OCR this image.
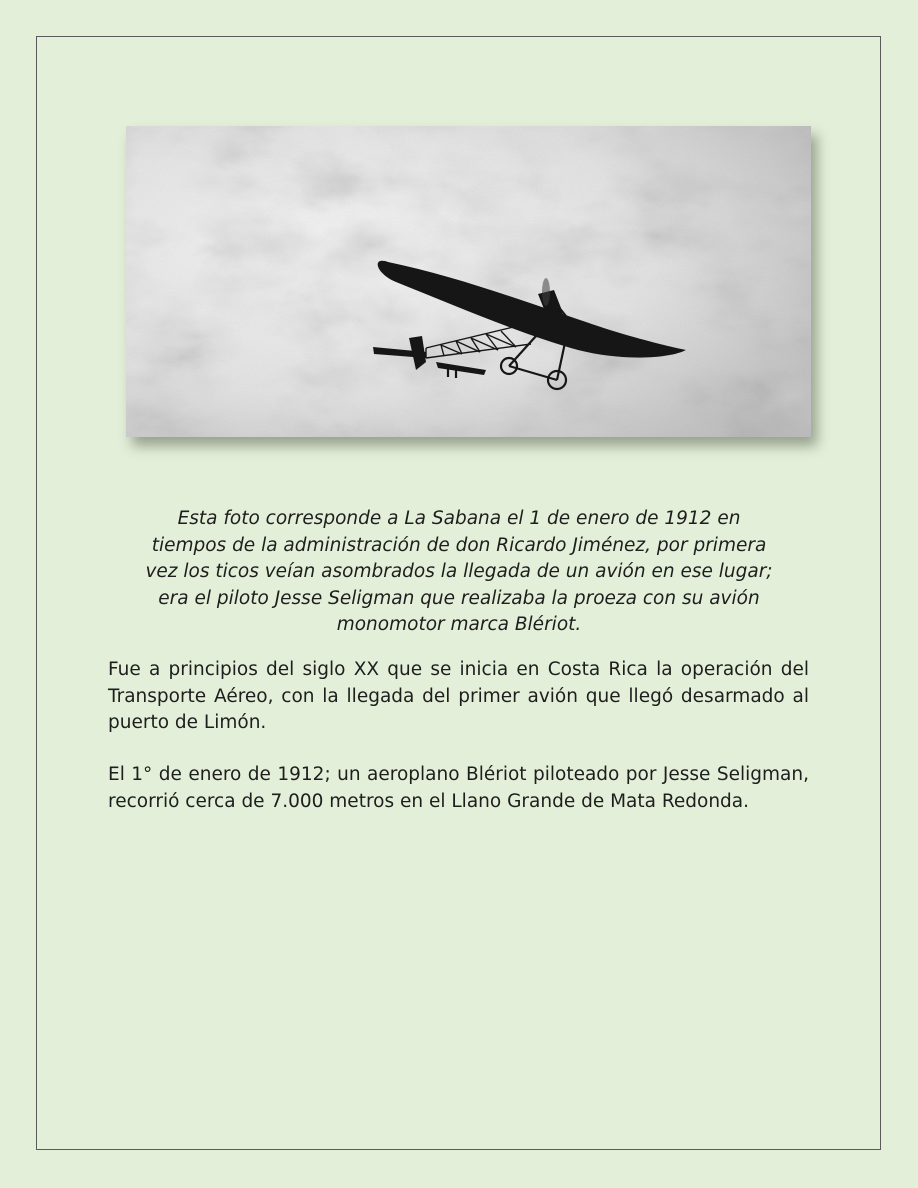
Esta foto corresponde a La Sabana el 1 de enero de 1912 en
tiempos de la administración de don Ricardo Jiménez, por primera
vez los ticos veían asombrados la llegada de un avión en ese lugar;
era el piloto Jesse Seligman que realizaba la proeza con su avión
monomotor marca Blériot.

Fue a principios del siglo XX que se inicia en Costa Rica la operación del Transporte Aéreo, con la llegada del primer avión que llegó desarmado al puerto de Limón.

El 1° de enero de 1912; un aeroplano Blériot piloteado por Jesse Seligman, recorrió cerca de 7.000 metros en el Llano Grande de Mata Redonda.
